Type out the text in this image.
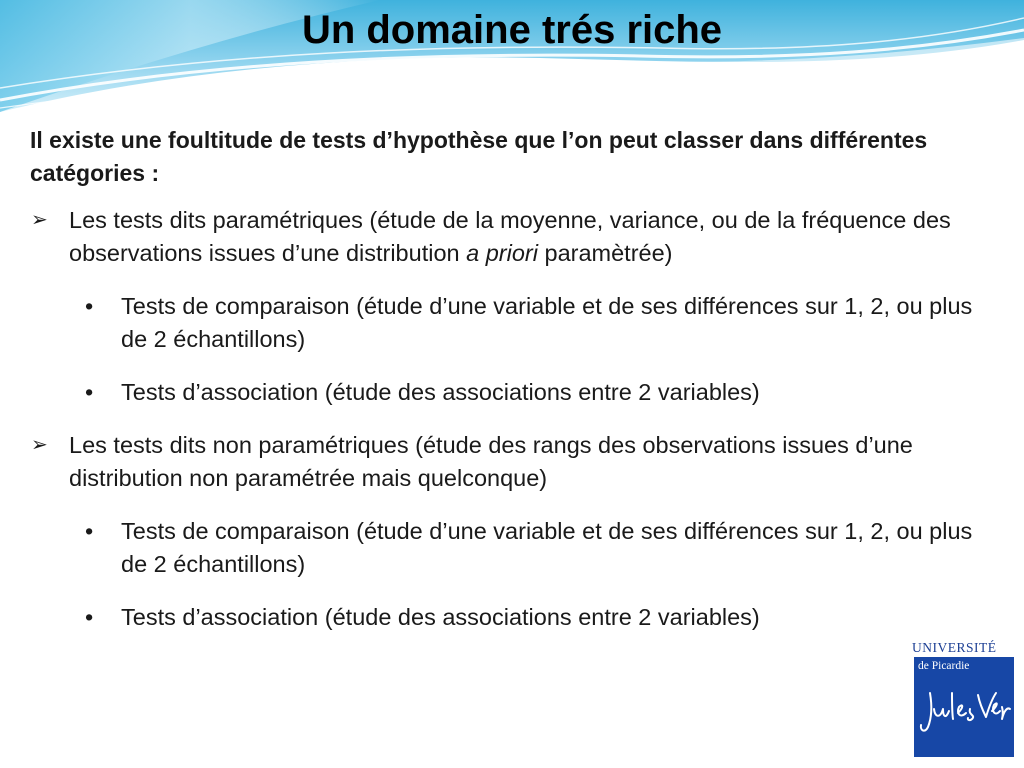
Un domaine trés riche

Il existe une foultitude de tests d’hypothèse que l’on peut classer dans différentes catégories :

➢ Les tests dits paramétriques (étude de la moyenne, variance, ou de la fréquence des observations issues d’une distribution a priori paramètrée)
• Tests de comparaison (étude d’une variable et de ses différences sur 1, 2, ou plus de 2 échantillons)
• Tests d’association (étude des associations entre 2 variables)
➢ Les tests dits non paramétriques (étude des rangs des observations issues d’une distribution non paramétrée mais quelconque)
• Tests de comparaison (étude d’une variable et de ses différences sur 1, 2, ou plus de 2 échantillons)
• Tests d’association (étude des associations entre 2 variables)
UNIVERSITÉ
de Picardie
